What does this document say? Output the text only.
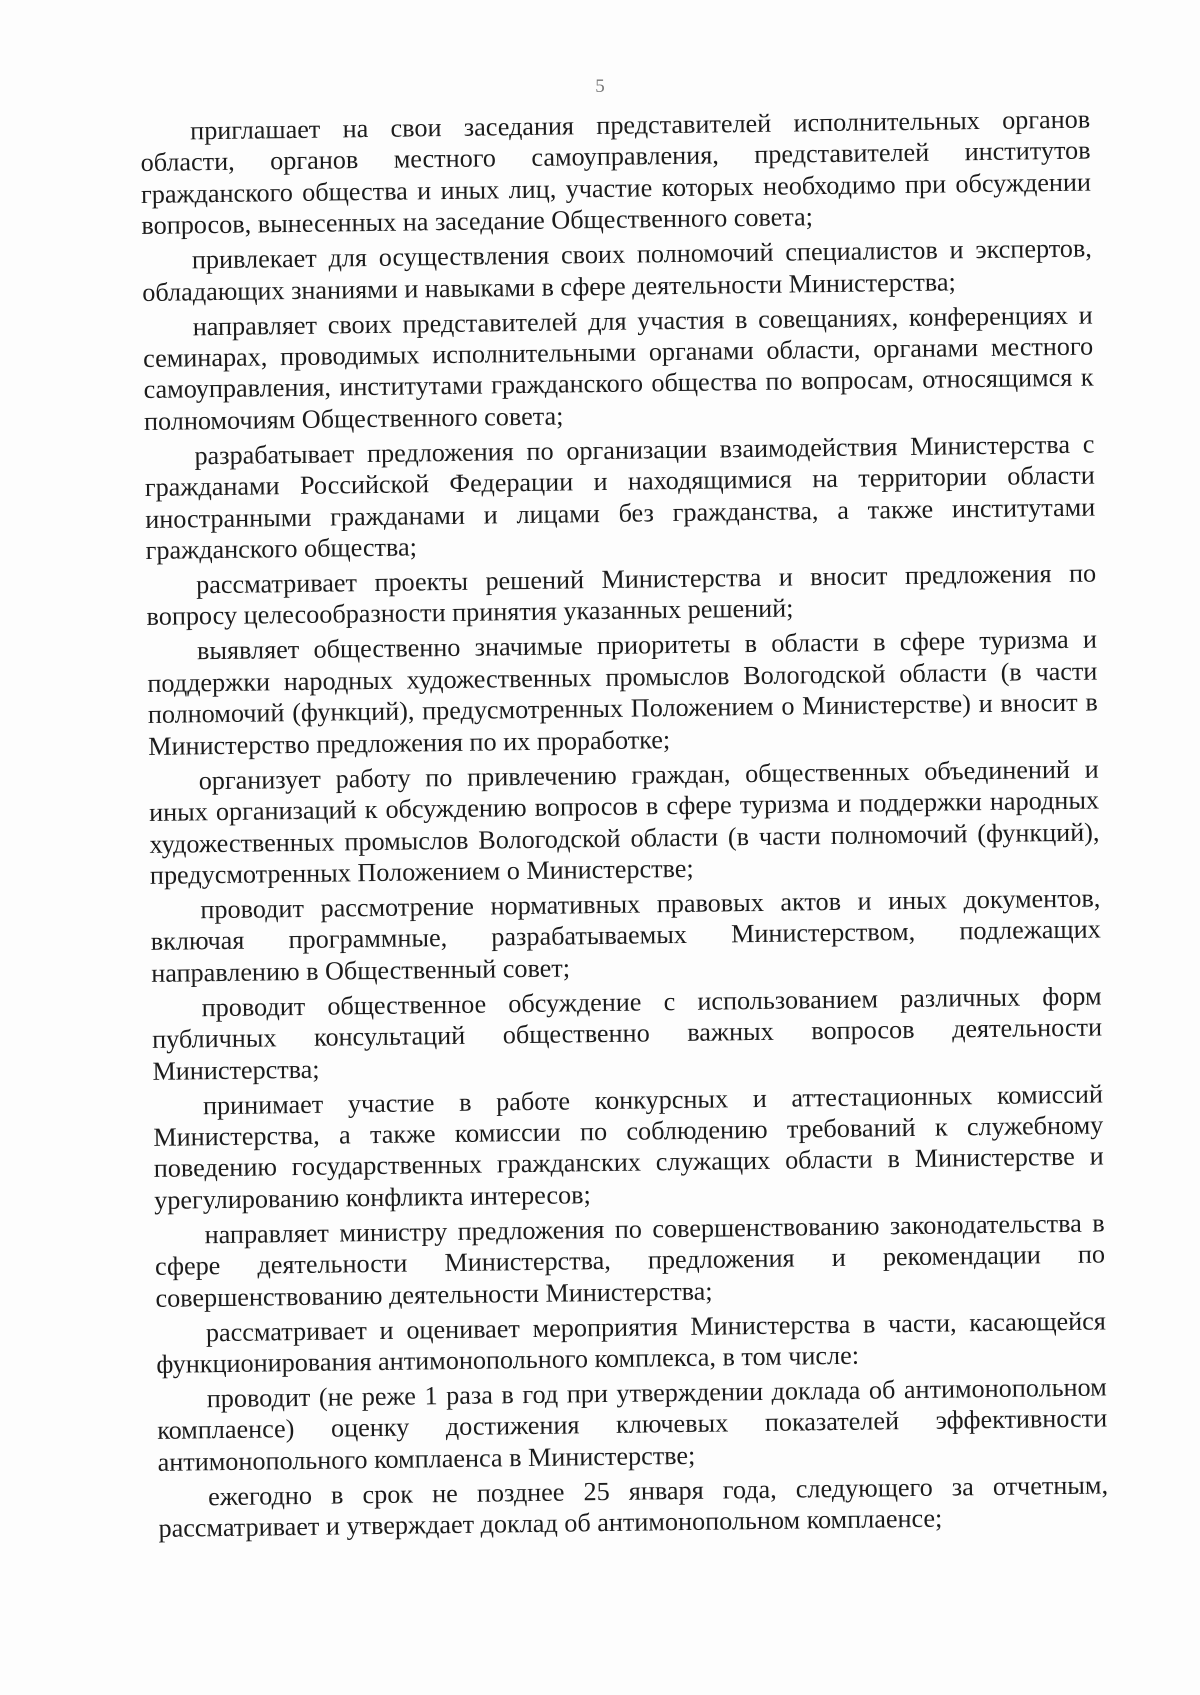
5

приглашает на свои заседания представителей исполнительных органов области, органов местного самоуправления, представителей институтов гражданского общества и иных лиц, участие которых необходимо при обсуждении вопросов, вынесенных на заседание Общественного совета;

привлекает для осуществления своих полномочий специалистов и экспертов, обладающих знаниями и навыками в сфере деятельности Министерства;

направляет своих представителей для участия в совещаниях, конференциях и семинарах, проводимых исполнительными органами области, органами местного самоуправления, институтами гражданского общества по вопросам, относящимся к полномочиям Общественного совета;

разрабатывает предложения по организации взаимодействия Министерства с гражданами Российской Федерации и находящимися на территории области иностранными гражданами и лицами без гражданства, а также институтами гражданского общества;

рассматривает проекты решений Министерства и вносит предложения по вопросу целесообразности принятия указанных решений;

выявляет общественно значимые приоритеты в области в сфере туризма и поддержки народных художественных промыслов Вологодской области (в части полномочий (функций), предусмотренных Положением о Министерстве) и вносит в Министерство предложения по их проработке;

организует работу по привлечению граждан, общественных объединений и иных организаций к обсуждению вопросов в сфере туризма и поддержки народных художественных промыслов Вологодской области (в части полномочий (функций), предусмотренных Положением о Министерстве;

проводит рассмотрение нормативных правовых актов и иных документов, включая программные, разрабатываемых Министерством, подлежащих направлению в Общественный совет;

проводит общественное обсуждение с использованием различных форм публичных консультаций общественно важных вопросов деятельности Министерства;

принимает участие в работе конкурсных и аттестационных комиссий Министерства, а также комиссии по соблюдению требований к служебному поведению государственных гражданских служащих области в Министерстве и урегулированию конфликта интересов;

направляет министру предложения по совершенствованию законодательства в сфере деятельности Министерства, предложения и рекомендации по совершенствованию деятельности Министерства;

рассматривает и оценивает мероприятия Министерства в части, касающейся функционирования антимонопольного комплекса, в том числе:

проводит (не реже 1 раза в год при утверждении доклада об антимонопольном комплаенсе) оценку достижения ключевых показателей эффективности антимонопольного комплаенса в Министерстве;

ежегодно в срок не позднее 25 января года, следующего за отчетным, рассматривает и утверждает доклад об антимонопольном комплаенсе;
